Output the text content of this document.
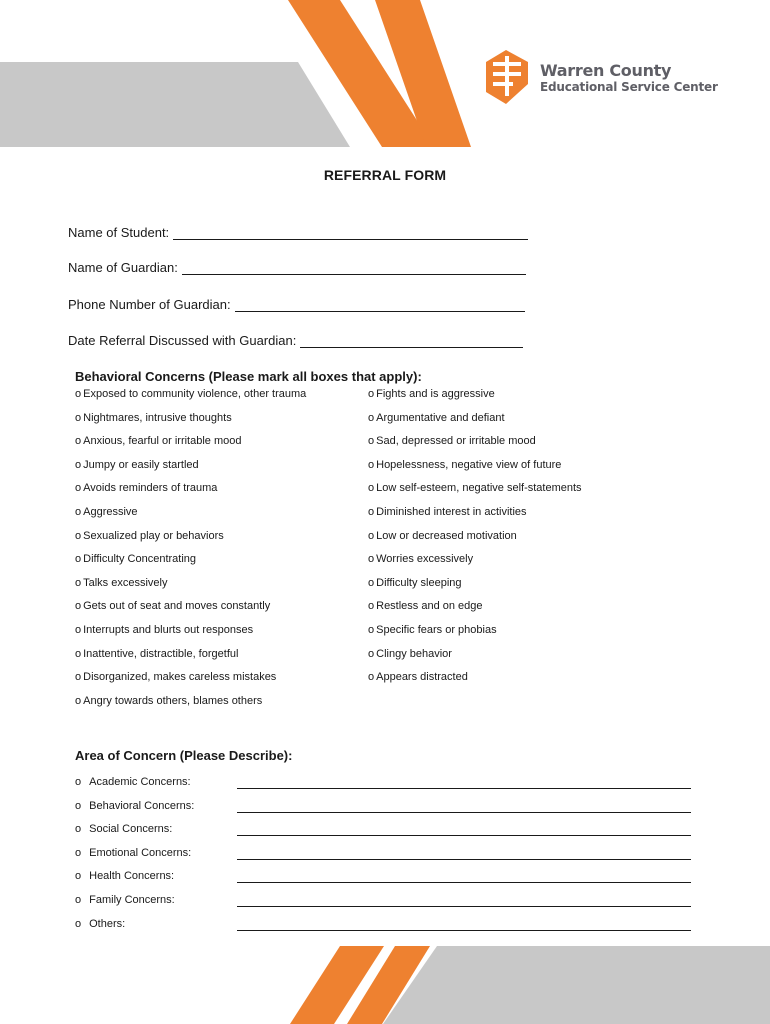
Warren County
Educational Service Center
REFERRAL FORM
Name of Student:
Name of Guardian:
Phone Number of Guardian:
Date Referral Discussed with Guardian:
Behavioral Concerns (Please mark all boxes that apply):
o Exposed to community violence, other trauma
o Nightmares, intrusive thoughts
o Anxious, fearful or irritable mood
o Jumpy or easily startled
o Avoids reminders of trauma
o Aggressive
o Sexualized play or behaviors
o Difficulty Concentrating
o Talks excessively
o Gets out of seat and moves constantly
o Interrupts and blurts out responses
o Inattentive, distractible, forgetful
o Disorganized, makes careless mistakes
o Angry towards others, blames others
o Fights and is aggressive
o Argumentative and defiant
o Sad, depressed or irritable mood
o Hopelessness, negative view of future
o Low self-esteem, negative self-statements
o Diminished interest in activities
o Low or decreased motivation
o Worries excessively
o Difficulty sleeping
o Restless and on edge
o Specific fears or phobias
o Clingy behavior
o Appears distracted
Area of Concern (Please Describe):
o Academic Concerns:
o Behavioral Concerns:
o Social Concerns:
o Emotional Concerns:
o Health Concerns:
o Family Concerns:
o Others:
